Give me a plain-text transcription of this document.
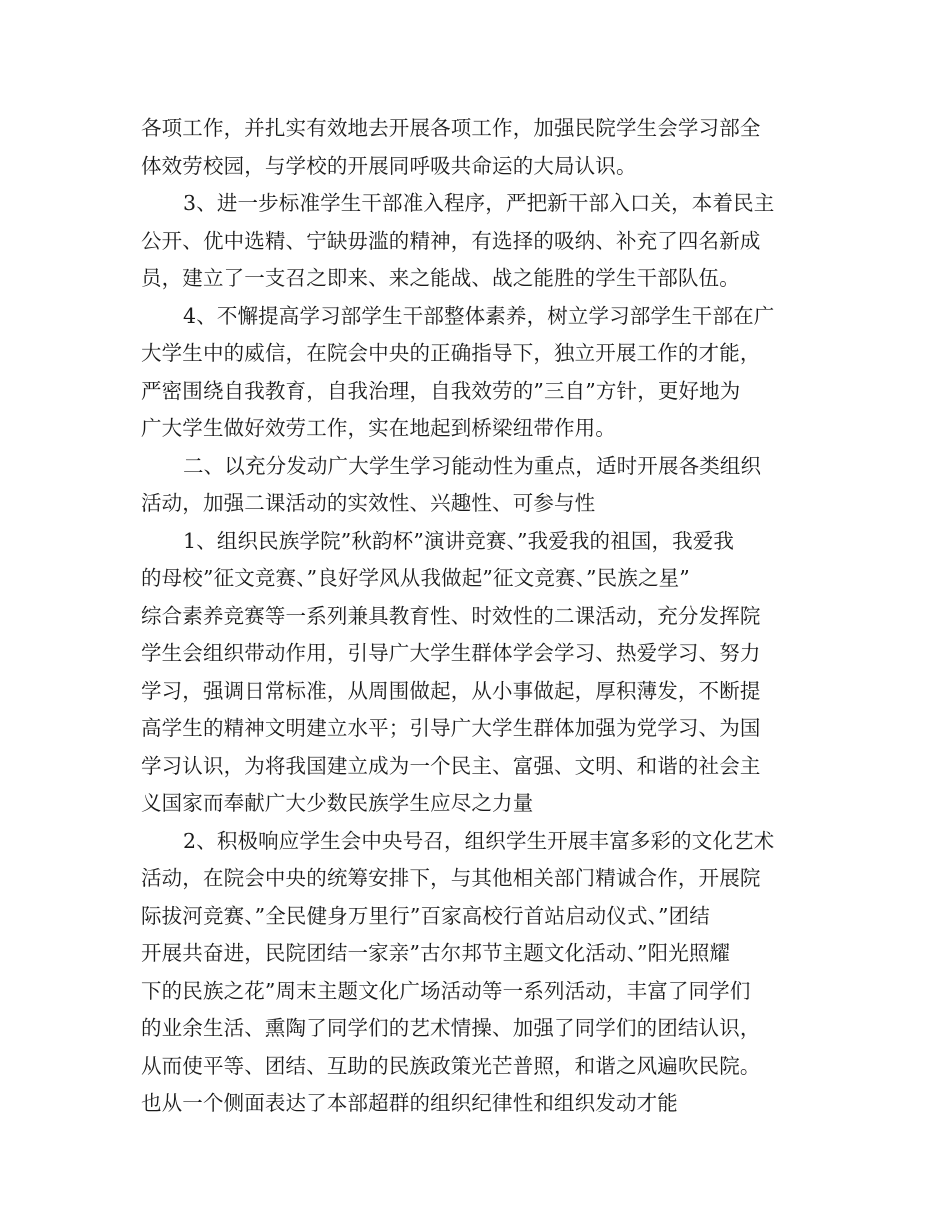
各项工作，并扎实有效地去开展各项工作，加强民院学生会学习部全
体效劳校园，与学校的开展同呼吸共命运的大局认识。
3、进一步标准学生干部准入程序，严把新干部入口关，本着民主
公开、优中选精、宁缺毋滥的精神，有选择的吸纳、补充了四名新成
员，建立了一支召之即来、来之能战、战之能胜的学生干部队伍。
4、不懈提高学习部学生干部整体素养，树立学习部学生干部在广
大学生中的威信，在院会中央的正确指导下，独立开展工作的才能，
严密围绕自我教育，自我治理，自我效劳的”三自”方针，更好地为
广大学生做好效劳工作，实在地起到桥梁纽带作用。
二、以充分发动广大学生学习能动性为重点，适时开展各类组织
活动，加强二课活动的实效性、兴趣性、可参与性
1、组织民族学院”秋韵杯”演讲竞赛、”我爱我的祖国，我爱我
的母校”征文竞赛、”良好学风从我做起”征文竞赛、”民族之星”
综合素养竞赛等一系列兼具教育性、时效性的二课活动，充分发挥院
学生会组织带动作用，引导广大学生群体学会学习、热爱学习、努力
学习，强调日常标准，从周围做起，从小事做起，厚积薄发，不断提
高学生的精神文明建立水平；引导广大学生群体加强为党学习、为国
学习认识，为将我国建立成为一个民主、富强、文明、和谐的社会主
义国家而奉献广大少数民族学生应尽之力量
2、积极响应学生会中央号召，组织学生开展丰富多彩的文化艺术
活动，在院会中央的统筹安排下，与其他相关部门精诚合作，开展院
际拔河竞赛、”全民健身万里行”百家高校行首站启动仪式、”团结
开展共奋进，民院团结一家亲”古尔邦节主题文化活动、”阳光照耀
下的民族之花”周末主题文化广场活动等一系列活动，丰富了同学们
的业余生活、熏陶了同学们的艺术情操、加强了同学们的团结认识，
从而使平等、团结、互助的民族政策光芒普照，和谐之风遍吹民院。
也从一个侧面表达了本部超群的组织纪律性和组织发动才能
